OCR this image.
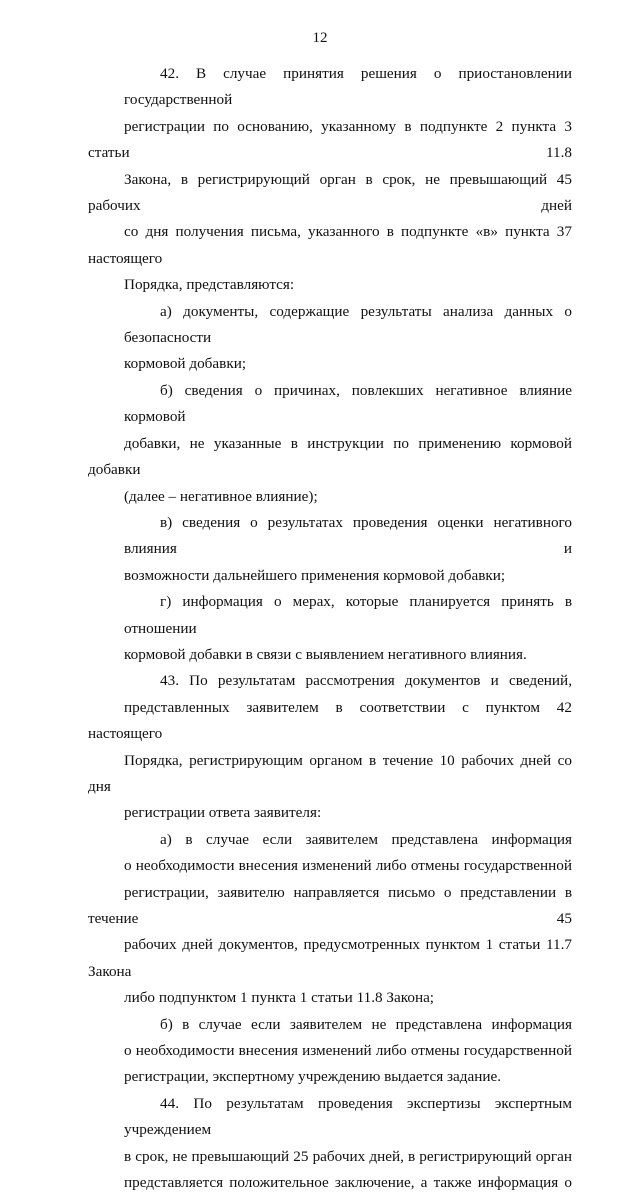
12
42. В случае принятия решения о приостановлении государственной
регистрации по основанию, указанному в подпункте 2 пункта 3 статьи 11.8
Закона, в регистрирующий орган в срок, не превышающий 45 рабочих дней
со дня получения письма, указанного в подпункте «в» пункта 37 настоящего
Порядка, представляются:
а) документы, содержащие результаты анализа данных о безопасности
кормовой добавки;
б) сведения о причинах, повлекших негативное влияние кормовой
добавки, не указанные в инструкции по применению кормовой добавки
(далее – негативное влияние);
в) сведения о результатах проведения оценки негативного влияния и
возможности дальнейшего применения кормовой добавки;
г) информация о мерах, которые планируется принять в отношении
кормовой добавки в связи с выявлением негативного влияния.
43. По результатам рассмотрения документов и сведений,
представленных заявителем в соответствии с пунктом 42 настоящего
Порядка, регистрирующим органом в течение 10 рабочих дней со дня
регистрации ответа заявителя:
а) в случае если заявителем представлена информация
о необходимости внесения изменений либо отмены государственной
регистрации, заявителю направляется письмо о представлении в течение 45
рабочих дней документов, предусмотренных пунктом 1 статьи 11.7 Закона
либо подпунктом 1 пункта 1 статьи 11.8 Закона;
б) в случае если заявителем не представлена информация
о необходимости внесения изменений либо отмены государственной
регистрации, экспертному учреждению выдается задание.
44. По результатам проведения экспертизы экспертным учреждением
в срок, не превышающий 25 рабочих дней, в регистрирующий орган
представляется положительное заключение, а также информация о
